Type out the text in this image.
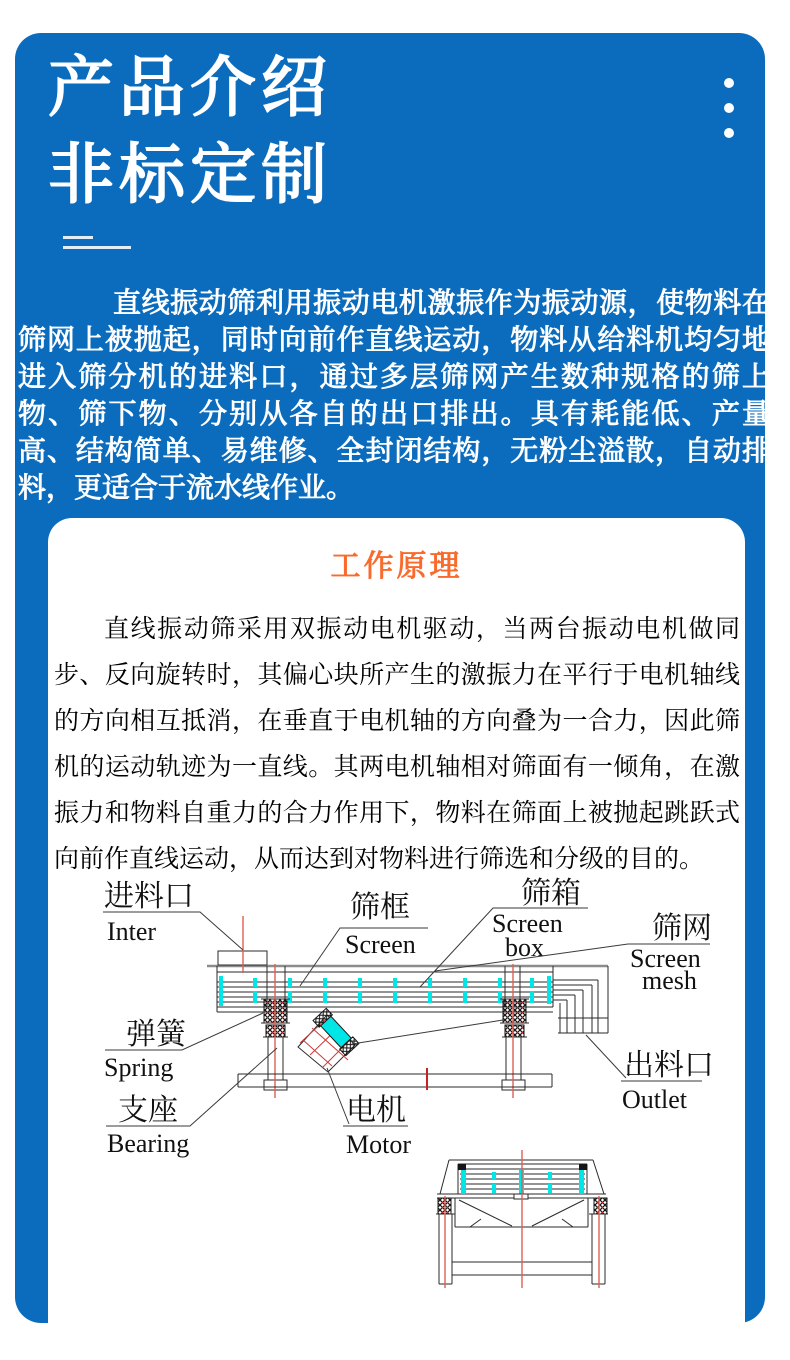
产品介绍
非标定制
直线振动筛利用振动电机激振作为振动源，使物料在筛网上被抛起，同时向前作直线运动，物料从给料机均匀地进入筛分机的进料口，通过多层筛网产生数种规格的筛上物、筛下物、分别从各自的出口排出。具有耗能低、产量高、结构简单、易维修、全封闭结构，无粉尘溢散，自动排料，更适合于流水线作业。
工作原理
直线振动筛采用双振动电机驱动，当两台振动电机做同步、反向旋转时，其偏心块所产生的激振力在平行于电机轴线的方向相互抵消，在垂直于电机轴的方向叠为一合力，因此筛机的运动轨迹为一直线。其两电机轴相对筛面有一倾角，在激振力和物料自重力的合力作用下，物料在筛面上被抛起跳跃式向前作直线运动，从而达到对物料进行筛选和分级的目的。
进料口
Inter
筛框
Screen
筛箱
Screen
box
筛网
Screen
mesh
弹簧
Spring
支座
Bearing
电机
Motor
出料口
Outlet
